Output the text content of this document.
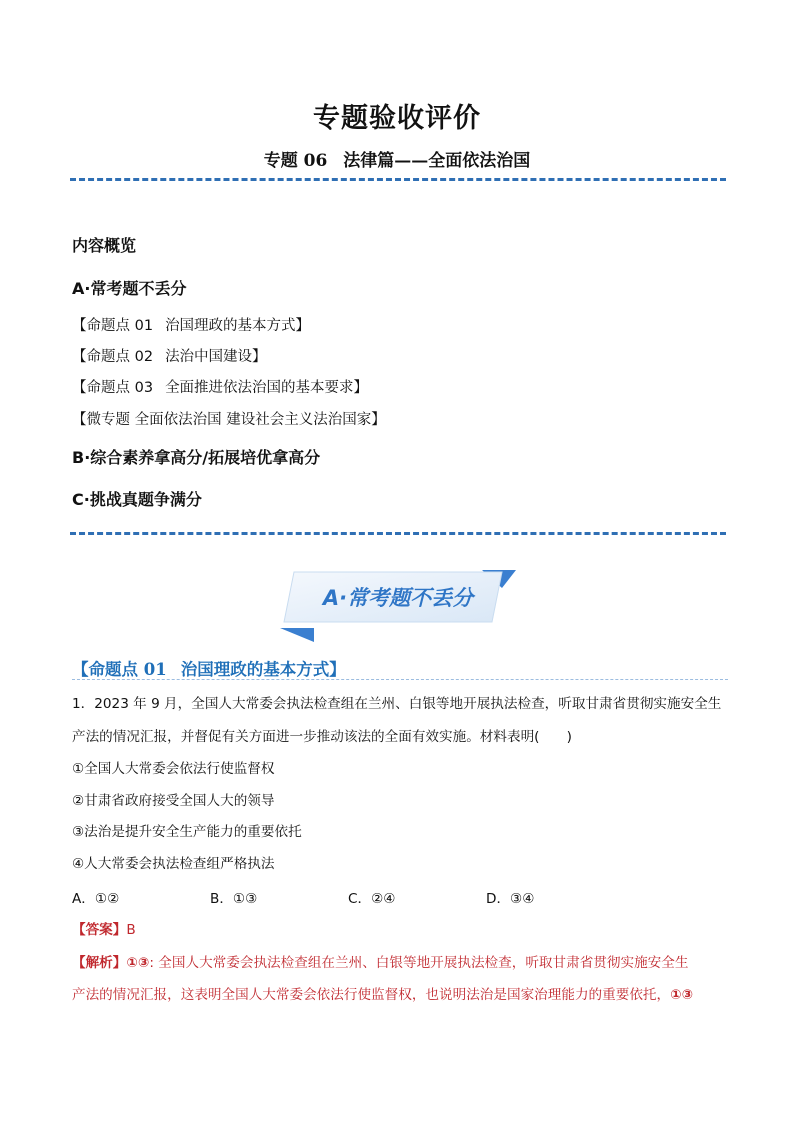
专题验收评价
专题 06 法律篇——全面依法治国
内容概览
A·常考题不丢分
【命题点 01 治国理政的基本方式】
【命题点 02 法治中国建设】
【命题点 03 全面推进依法治国的基本要求】
【微专题 全面依法治国 建设社会主义法治国家】
B·综合素养拿高分/拓展培优拿高分
C·挑战真题争满分
A·常考题不丢分
【命题点 01 治国理政的基本方式】
1．2023 年 9 月，全国人大常委会执法检查组在兰州、白银等地开展执法检查，听取甘肃省贯彻实施安全生
产法的情况汇报，并督促有关方面进一步推动该法的全面有效实施。材料表明(　　)
①全国人大常委会依法行使监督权
②甘肃省政府接受全国人大的领导
③法治是提升安全生产能力的重要依托
④人大常委会执法检查组严格执法
A．①②	B．①③	C．②④	D．③④
【答案】B
【解析】①③: 全国人大常委会执法检查组在兰州、白银等地开展执法检查，听取甘肃省贯彻实施安全生
产法的情况汇报，这表明全国人大常委会依法行使监督权，也说明法治是国家治理能力的重要依托，①③
